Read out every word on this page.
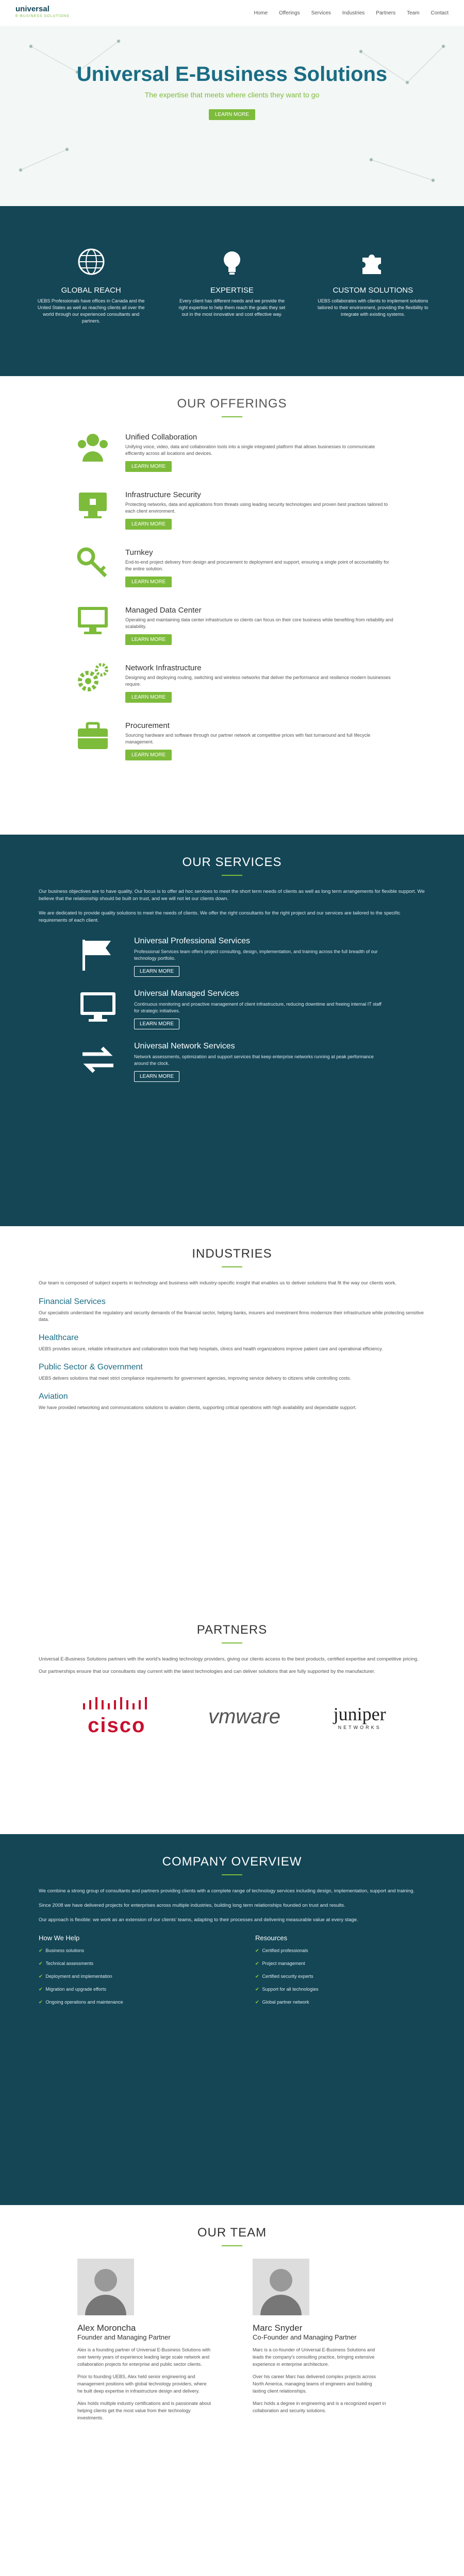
universal
E-BUSINESS SOLUTIONS
Home Offerings Services Industries Partners Team Contact
Universal E-Business Solutions

The expertise that meets where clients they want to go

LEARN MORE
GLOBAL REACH

UEBS Professionals have offices in Canada and the United States as well as reaching clients all over the world through our experienced consultants and partners.

EXPERTISE

Every client has different needs and we provide the right expertise to help them reach the goals they set out in the most innovative and cost effective way.

CUSTOM SOLUTIONS

UEBS collaborates with clients to implement solutions tailored to their environment, providing the flexibility to integrate with existing systems.

OUR OFFERINGS
Unified Collaboration

Unifying voice, video, data and collaboration tools into a single integrated platform that allows businesses to communicate efficiently across all locations and devices.

LEARN MORE
Infrastructure Security

Protecting networks, data and applications from threats using leading security technologies and proven best practices tailored to each client environment.

LEARN MORE
Turnkey

End-to-end project delivery from design and procurement to deployment and support, ensuring a single point of accountability for the entire solution.

LEARN MORE
Managed Data Center

Operating and maintaining data center infrastructure so clients can focus on their core business while benefiting from reliability and scalability.

LEARN MORE
Network Infrastructure

Designing and deploying routing, switching and wireless networks that deliver the performance and resilience modern businesses require.

LEARN MORE
Procurement

Sourcing hardware and software through our partner network at competitive prices with fast turnaround and full lifecycle management.

LEARN MORE
OUR SERVICES

Our business objectives are to have quality. Our focus is to offer ad hoc services to meet the short term needs of clients as well as long term arrangements for flexible support. We believe that the relationship should be built on trust, and we will not let our clients down.

We are dedicated to provide quality solutions to meet the needs of clients. We offer the right consultants for the right project and our services are tailored to the specific requirements of each client.

Universal Professional Services

Professional Services team offers project consulting, design, implementation, and training across the full breadth of our technology portfolio.

LEARN MORE
Universal Managed Services

Continuous monitoring and proactive management of client infrastructure, reducing downtime and freeing internal IT staff for strategic initiatives.

LEARN MORE
Universal Network Services

Network assessments, optimization and support services that keep enterprise networks running at peak performance around the clock.

LEARN MORE
INDUSTRIES

Our team is composed of subject experts in technology and business with industry-specific insight that enables us to deliver solutions that fit the way our clients work.

Financial Services

Our specialists understand the regulatory and security demands of the financial sector, helping banks, insurers and investment firms modernize their infrastructure while protecting sensitive data.

Healthcare

UEBS provides secure, reliable infrastructure and collaboration tools that help hospitals, clinics and health organizations improve patient care and operational efficiency.

Public Sector & Government

UEBS delivers solutions that meet strict compliance requirements for government agencies, improving service delivery to citizens while controlling costs.

Aviation

We have provided networking and communications solutions to aviation clients, supporting critical operations with high availability and dependable support.

PARTNERS

Universal E-Business Solutions partners with the world's leading technology providers, giving our clients access to the best products, certified expertise and competitive pricing.

Our partnerships ensure that our consultants stay current with the latest technologies and can deliver solutions that are fully supported by the manufacturer.

cisco	vmware	juniper
NETWORKS
COMPANY OVERVIEW

We combine a strong group of consultants and partners providing clients with a complete range of technology services including design, implementation, support and training.

Since 2008 we have delivered projects for enterprises across multiple industries, building long term relationships founded on trust and results.

Our approach is flexible: we work as an extension of our clients' teams, adapting to their processes and delivering measurable value at every stage.

How We Help
✔ Business solutions
✔ Technical assessments
✔ Deployment and implementation
✔ Migration and upgrade efforts
✔ Ongoing operations and maintenance
Resources
✔ Certified professionals
✔ Project management
✔ Certified security experts
✔ Support for all technologies
✔ Global partner network
OUR TEAM
Alex Moroncha
Founder and Managing Partner

Alex is a founding partner of Universal E-Business Solutions with over twenty years of experience leading large scale network and collaboration projects for enterprise and public sector clients.

Prior to founding UEBS, Alex held senior engineering and management positions with global technology providers, where he built deep expertise in infrastructure design and delivery.

Alex holds multiple industry certifications and is passionate about helping clients get the most value from their technology investments.

Marc Snyder
Co-Founder and Managing Partner

Marc is a co-founder of Universal E-Business Solutions and leads the company's consulting practice, bringing extensive experience in enterprise architecture.

Over his career Marc has delivered complex projects across North America, managing teams of engineers and building lasting client relationships.

Marc holds a degree in engineering and is a recognized expert in collaboration and security solutions.
